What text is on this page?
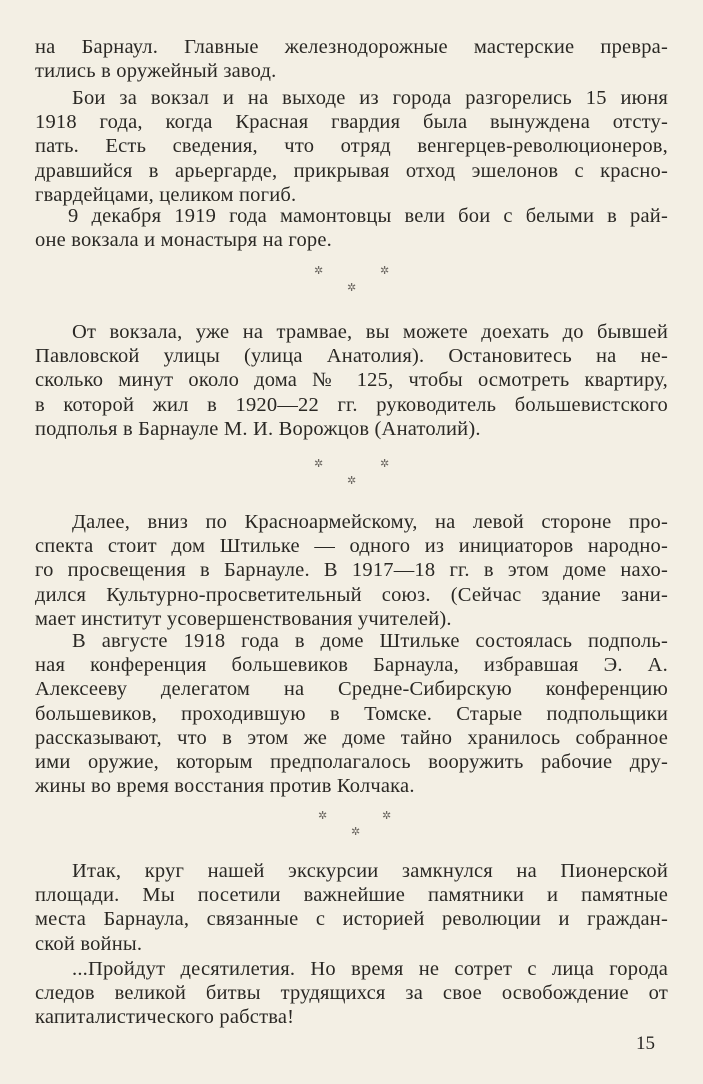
на Барнаул. Главные железнодорожные мастерские превра-
тились в оружейный завод.
Бои за вокзал и на выходе из города разгорелись 15 июня
1918 года, когда Красная гвардия была вынуждена отсту-
пать. Есть сведения, что отряд венгерцев-революционеров,
дравшийся в арьергарде, прикрывая отход эшелонов с красно-
гвардейцами, целиком погиб.
9 декабря 1919 года мамонтовцы вели бои с белыми в рай-
оне вокзала и монастыря на горе.
✲	✲
✲
От вокзала, уже на трамвае, вы можете доехать до бывшей
Павловской улицы (улица Анатолия). Остановитесь на не-
сколько минут около дома № 125, чтобы осмотреть квартиру,
в которой жил в 1920—22 гг. руководитель большевистского
подполья в Барнауле М. И. Ворожцов (Анатолий).
✲	✲
✲
Далее, вниз по Красноармейскому, на левой стороне про-
спекта стоит дом Штильке — одного из инициаторов народно-
го просвещения в Барнауле. В 1917—18 гг. в этом доме нахо-
дился Культурно-просветительный союз. (Сейчас здание зани-
мает институт усовершенствования учителей).
В августе 1918 года в доме Штильке состоялась подполь-
ная конференция большевиков Барнаула, избравшая Э. А.
Алексееву делегатом на Средне-Сибирскую конференцию
большевиков, проходившую в Томске. Старые подпольщики
рассказывают, что в этом же доме тайно хранилось собранное
ими оружие, которым предполагалось вооружить рабочие дру-
жины во время восстания против Колчака.
✲	✲
✲
Итак, круг нашей экскурсии замкнулся на Пионерской
площади. Мы посетили важнейшие памятники и памятные
места Барнаула, связанные с историей революции и граждан-
ской войны.
...Пройдут десятилетия. Но время не сотрет с лица города
следов великой битвы трудящихся за свое освобождение от
капиталистического рабства!
15
